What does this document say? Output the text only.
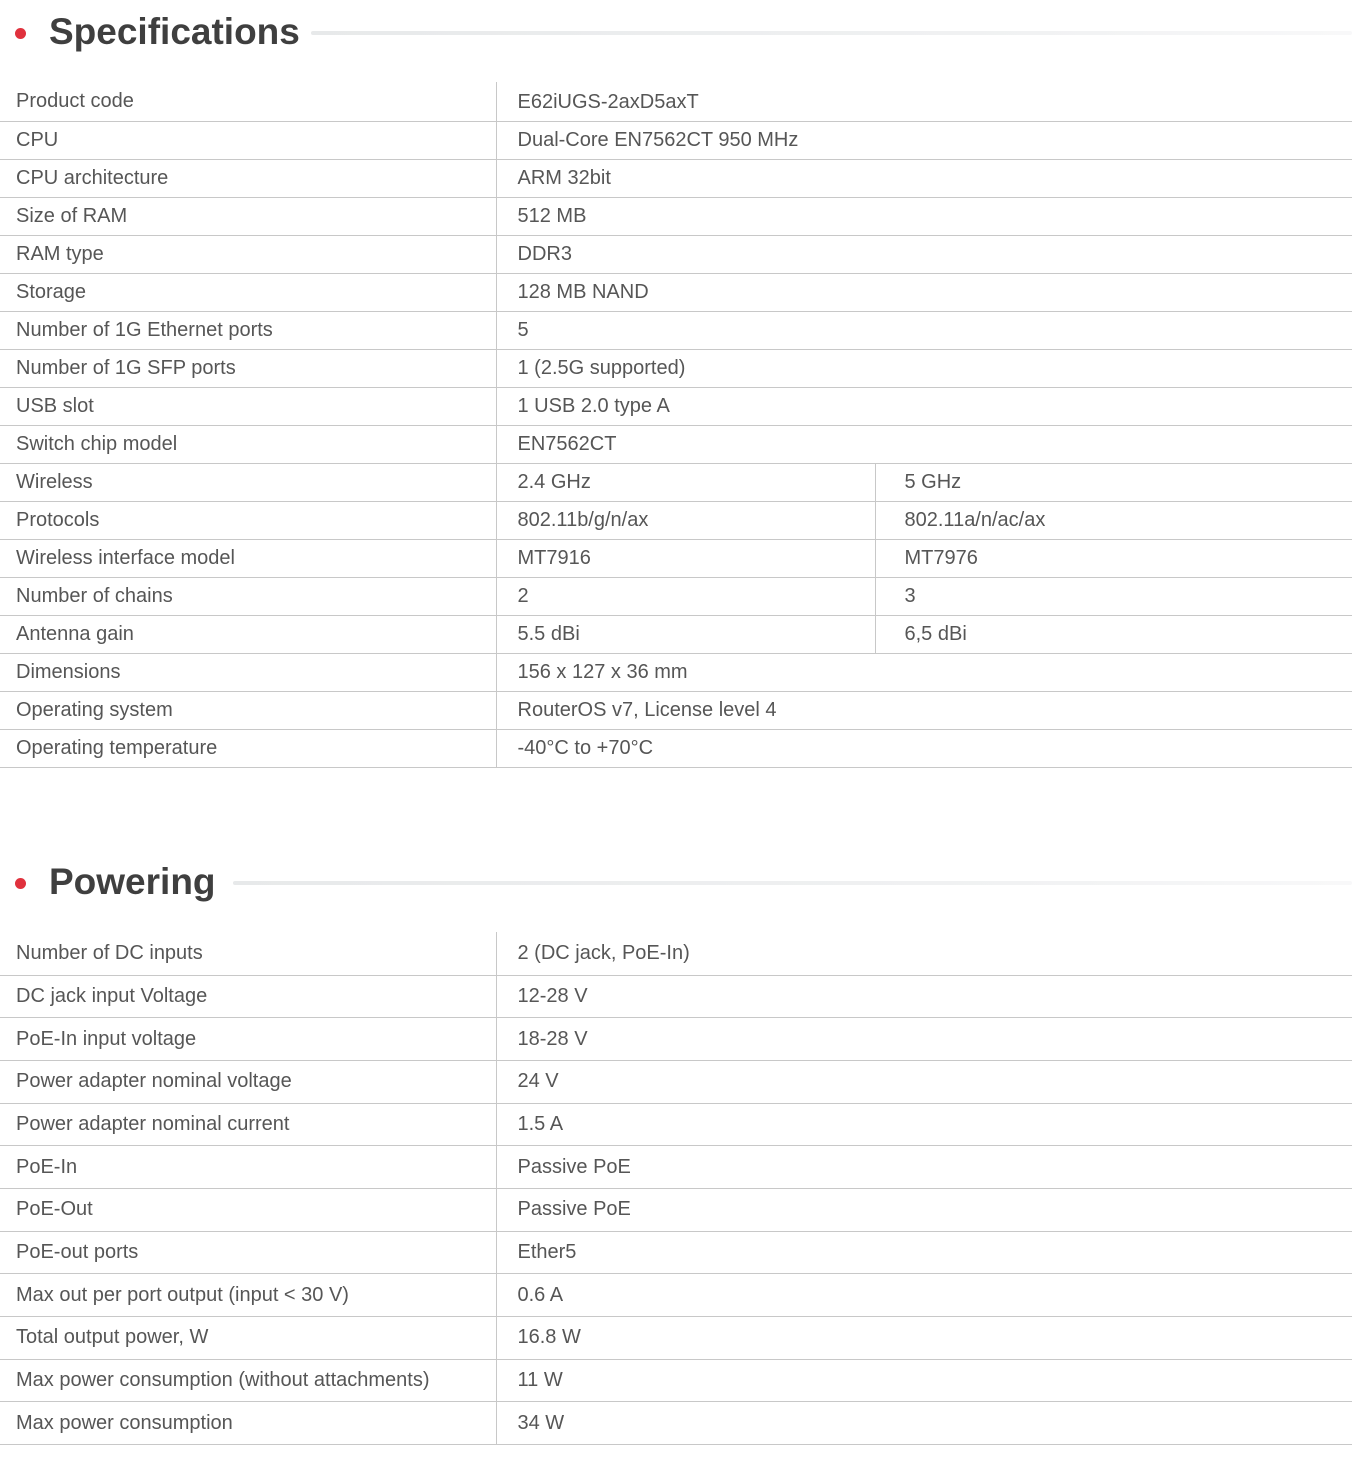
Specifications
Product code	E62iUGS-2axD5axT	
CPU	Dual-Core EN7562CT 950 MHz	
CPU architecture	ARM 32bit	
Size of RAM	512 MB	
RAM type	DDR3	
Storage	128 MB NAND	
Number of 1G Ethernet ports	5	
Number of 1G SFP ports	1 (2.5G supported)	
USB slot	1 USB 2.0 type A	
Switch chip model	EN7562CT	
Wireless	2.4 GHz	5 GHz
Protocols	802.11b/g/n/ax	802.11a/n/ac/ax
Wireless interface model	MT7916	MT7976
Number of chains	2	3
Antenna gain	5.5 dBi	6,5 dBi
Dimensions	156 x 127 x 36 mm	
Operating system	RouterOS v7, License level 4	
Operating temperature	-40°C to +70°C	
Powering
Number of DC inputs	2 (DC jack, PoE-In)
DC jack input Voltage	12-28 V
PoE-In input voltage	18-28 V
Power adapter nominal voltage	24 V
Power adapter nominal current	1.5 A
PoE-In	Passive PoE
PoE-Out	Passive PoE
PoE-out ports	Ether5
Max out per port output (input < 30 V)	0.6 A
Total output power, W	16.8 W
Max power consumption (without attachments)	11 W
Max power consumption	34 W
